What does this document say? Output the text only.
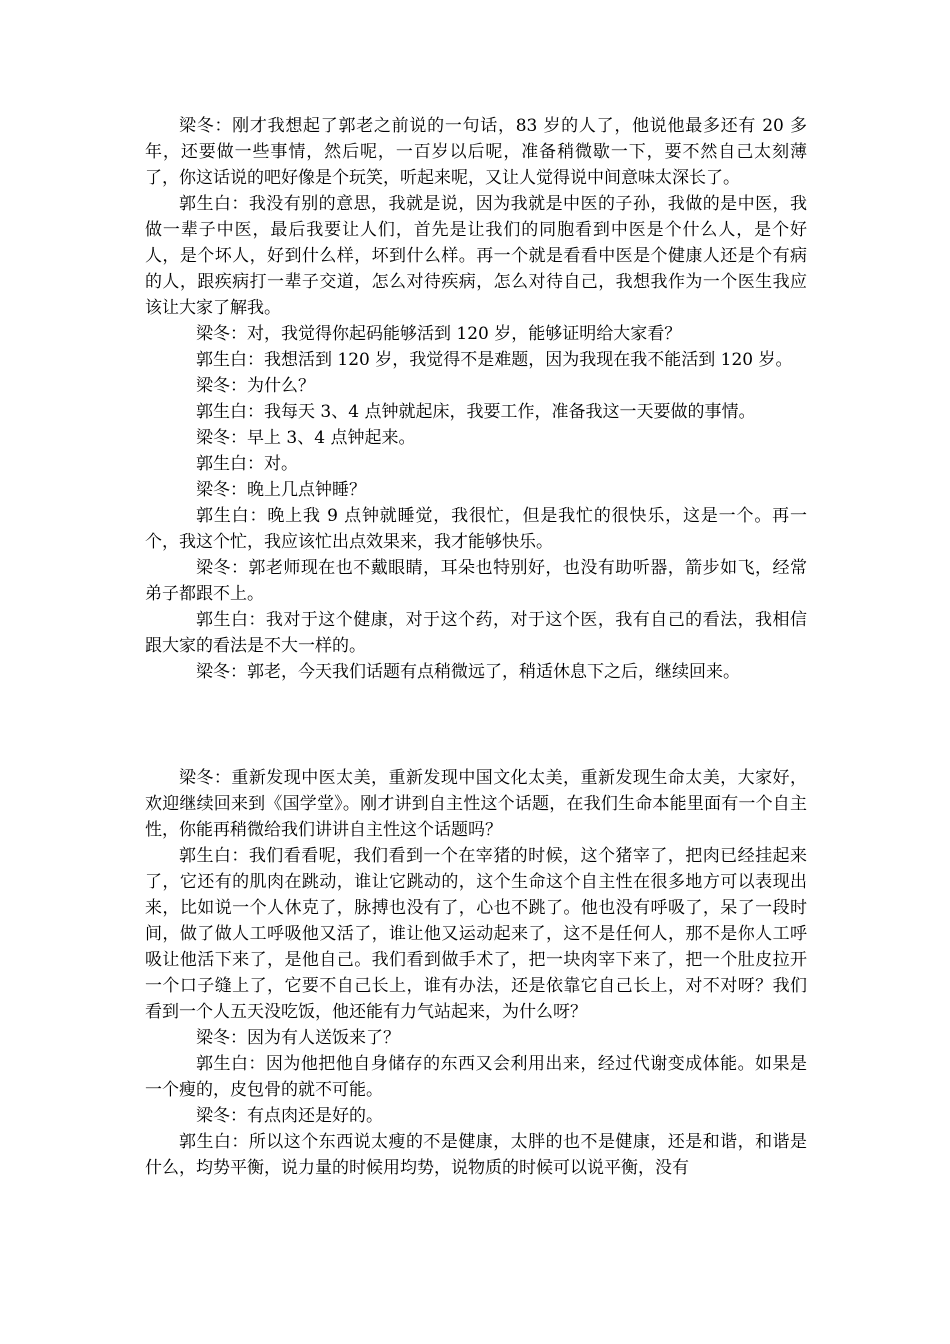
梁冬：刚才我想起了郭老之前说的一句话，83 岁的人了，他说他最多还有 20 多年，还要做一些事情，然后呢，一百岁以后呢，准备稍微歇一下，要不然自己太刻薄了，你这话说的吧好像是个玩笑，听起来呢，又让人觉得说中间意味太深长了。

郭生白：我没有别的意思，我就是说，因为我就是中医的子孙，我做的是中医，我做一辈子中医，最后我要让人们，首先是让我们的同胞看到中医是个什么人，是个好人，是个坏人，好到什么样，坏到什么样。再一个就是看看中医是个健康人还是个有病的人，跟疾病打一辈子交道，怎么对待疾病，怎么对待自己，我想我作为一个医生我应该让大家了解我。

梁冬：对，我觉得你起码能够活到 120 岁，能够证明给大家看？

郭生白：我想活到 120 岁，我觉得不是难题，因为我现在我不能活到 120 岁。

梁冬：为什么？

郭生白：我每天 3、4 点钟就起床，我要工作，准备我这一天要做的事情。

梁冬：早上 3、4 点钟起来。

郭生白：对。

梁冬：晚上几点钟睡？

郭生白：晚上我 9 点钟就睡觉，我很忙，但是我忙的很快乐，这是一个。再一个，我这个忙，我应该忙出点效果来，我才能够快乐。

梁冬：郭老师现在也不戴眼睛，耳朵也特别好，也没有助听器，箭步如飞，经常弟子都跟不上。

郭生白：我对于这个健康，对于这个药，对于这个医，我有自己的看法，我相信跟大家的看法是不大一样的。

梁冬：郭老，今天我们话题有点稍微远了，稍适休息下之后，继续回来。

梁冬：重新发现中医太美，重新发现中国文化太美，重新发现生命太美，大家好，欢迎继续回来到《国学堂》。刚才讲到自主性这个话题，在我们生命本能里面有一个自主性，你能再稍微给我们讲讲自主性这个话题吗？

郭生白：我们看看呢，我们看到一个在宰猪的时候，这个猪宰了，把肉已经挂起来了，它还有的肌肉在跳动，谁让它跳动的，这个生命这个自主性在很多地方可以表现出来，比如说一个人休克了，脉搏也没有了，心也不跳了。他也没有呼吸了，呆了一段时间，做了做人工呼吸他又活了，谁让他又运动起来了，这不是任何人，那不是你人工呼吸让他活下来了，是他自己。我们看到做手术了，把一块肉宰下来了，把一个肚皮拉开一个口子缝上了，它要不自己长上，谁有办法，还是依靠它自己长上，对不对呀？我们看到一个人五天没吃饭，他还能有力气站起来，为什么呀？

梁冬：因为有人送饭来了？

郭生白：因为他把他自身储存的东西又会利用出来，经过代谢变成体能。如果是一个瘦的，皮包骨的就不可能。

梁冬：有点肉还是好的。

郭生白：所以这个东西说太瘦的不是健康，太胖的也不是健康，还是和谐，和谐是什么，均势平衡，说力量的时候用均势，说物质的时候可以说平衡，没有
